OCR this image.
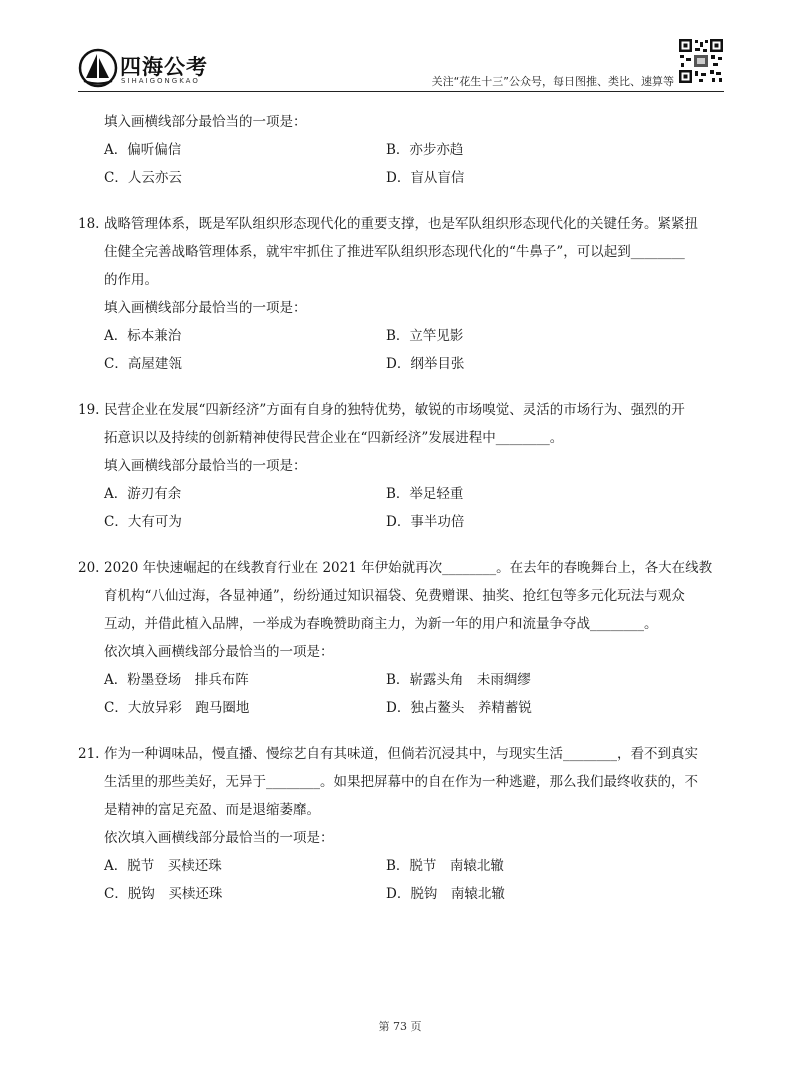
四海公考
SIHAIGONGKAO	关注“花生十三”公众号，每日图推、类比、速算等
填入画横线部分最恰当的一项是：
A．偏听偏信	B．亦步亦趋
C．人云亦云	D．盲从盲信
18. 战略管理体系，既是军队组织形态现代化的重要支撑，也是军队组织形态现代化的关键任务。紧紧扭
住健全完善战略管理体系，就牢牢抓住了推进军队组织形态现代化的“牛鼻子”，可以起到________
的作用。
填入画横线部分最恰当的一项是：
A．标本兼治	B．立竿见影
C．高屋建瓴	D．纲举目张
19. 民营企业在发展“四新经济”方面有自身的独特优势，敏锐的市场嗅觉、灵活的市场行为、强烈的开
拓意识以及持续的创新精神使得民营企业在“四新经济”发展进程中________。
填入画横线部分最恰当的一项是：
A．游刃有余	B．举足轻重
C．大有可为	D．事半功倍
20. 2020 年快速崛起的在线教育行业在 2021 年伊始就再次________。在去年的春晚舞台上，各大在线教
育机构“八仙过海，各显神通”，纷纷通过知识福袋、免费赠课、抽奖、抢红包等多元化玩法与观众
互动，并借此植入品牌，一举成为春晚赞助商主力，为新一年的用户和流量争夺战________。
依次填入画横线部分最恰当的一项是：
A．粉墨登场　排兵布阵	B．崭露头角　未雨绸缪
C．大放异彩　跑马圈地	D．独占鳌头　养精蓄锐
21. 作为一种调味品，慢直播、慢综艺自有其味道，但倘若沉浸其中，与现实生活________，看不到真实
生活里的那些美好，无异于________。如果把屏幕中的自在作为一种逃避，那么我们最终收获的，不
是精神的富足充盈、而是退缩萎靡。
依次填入画横线部分最恰当的一项是：
A．脱节　买椟还珠	B．脱节　南辕北辙
C．脱钩　买椟还珠	D．脱钩　南辕北辙
第 73 页
